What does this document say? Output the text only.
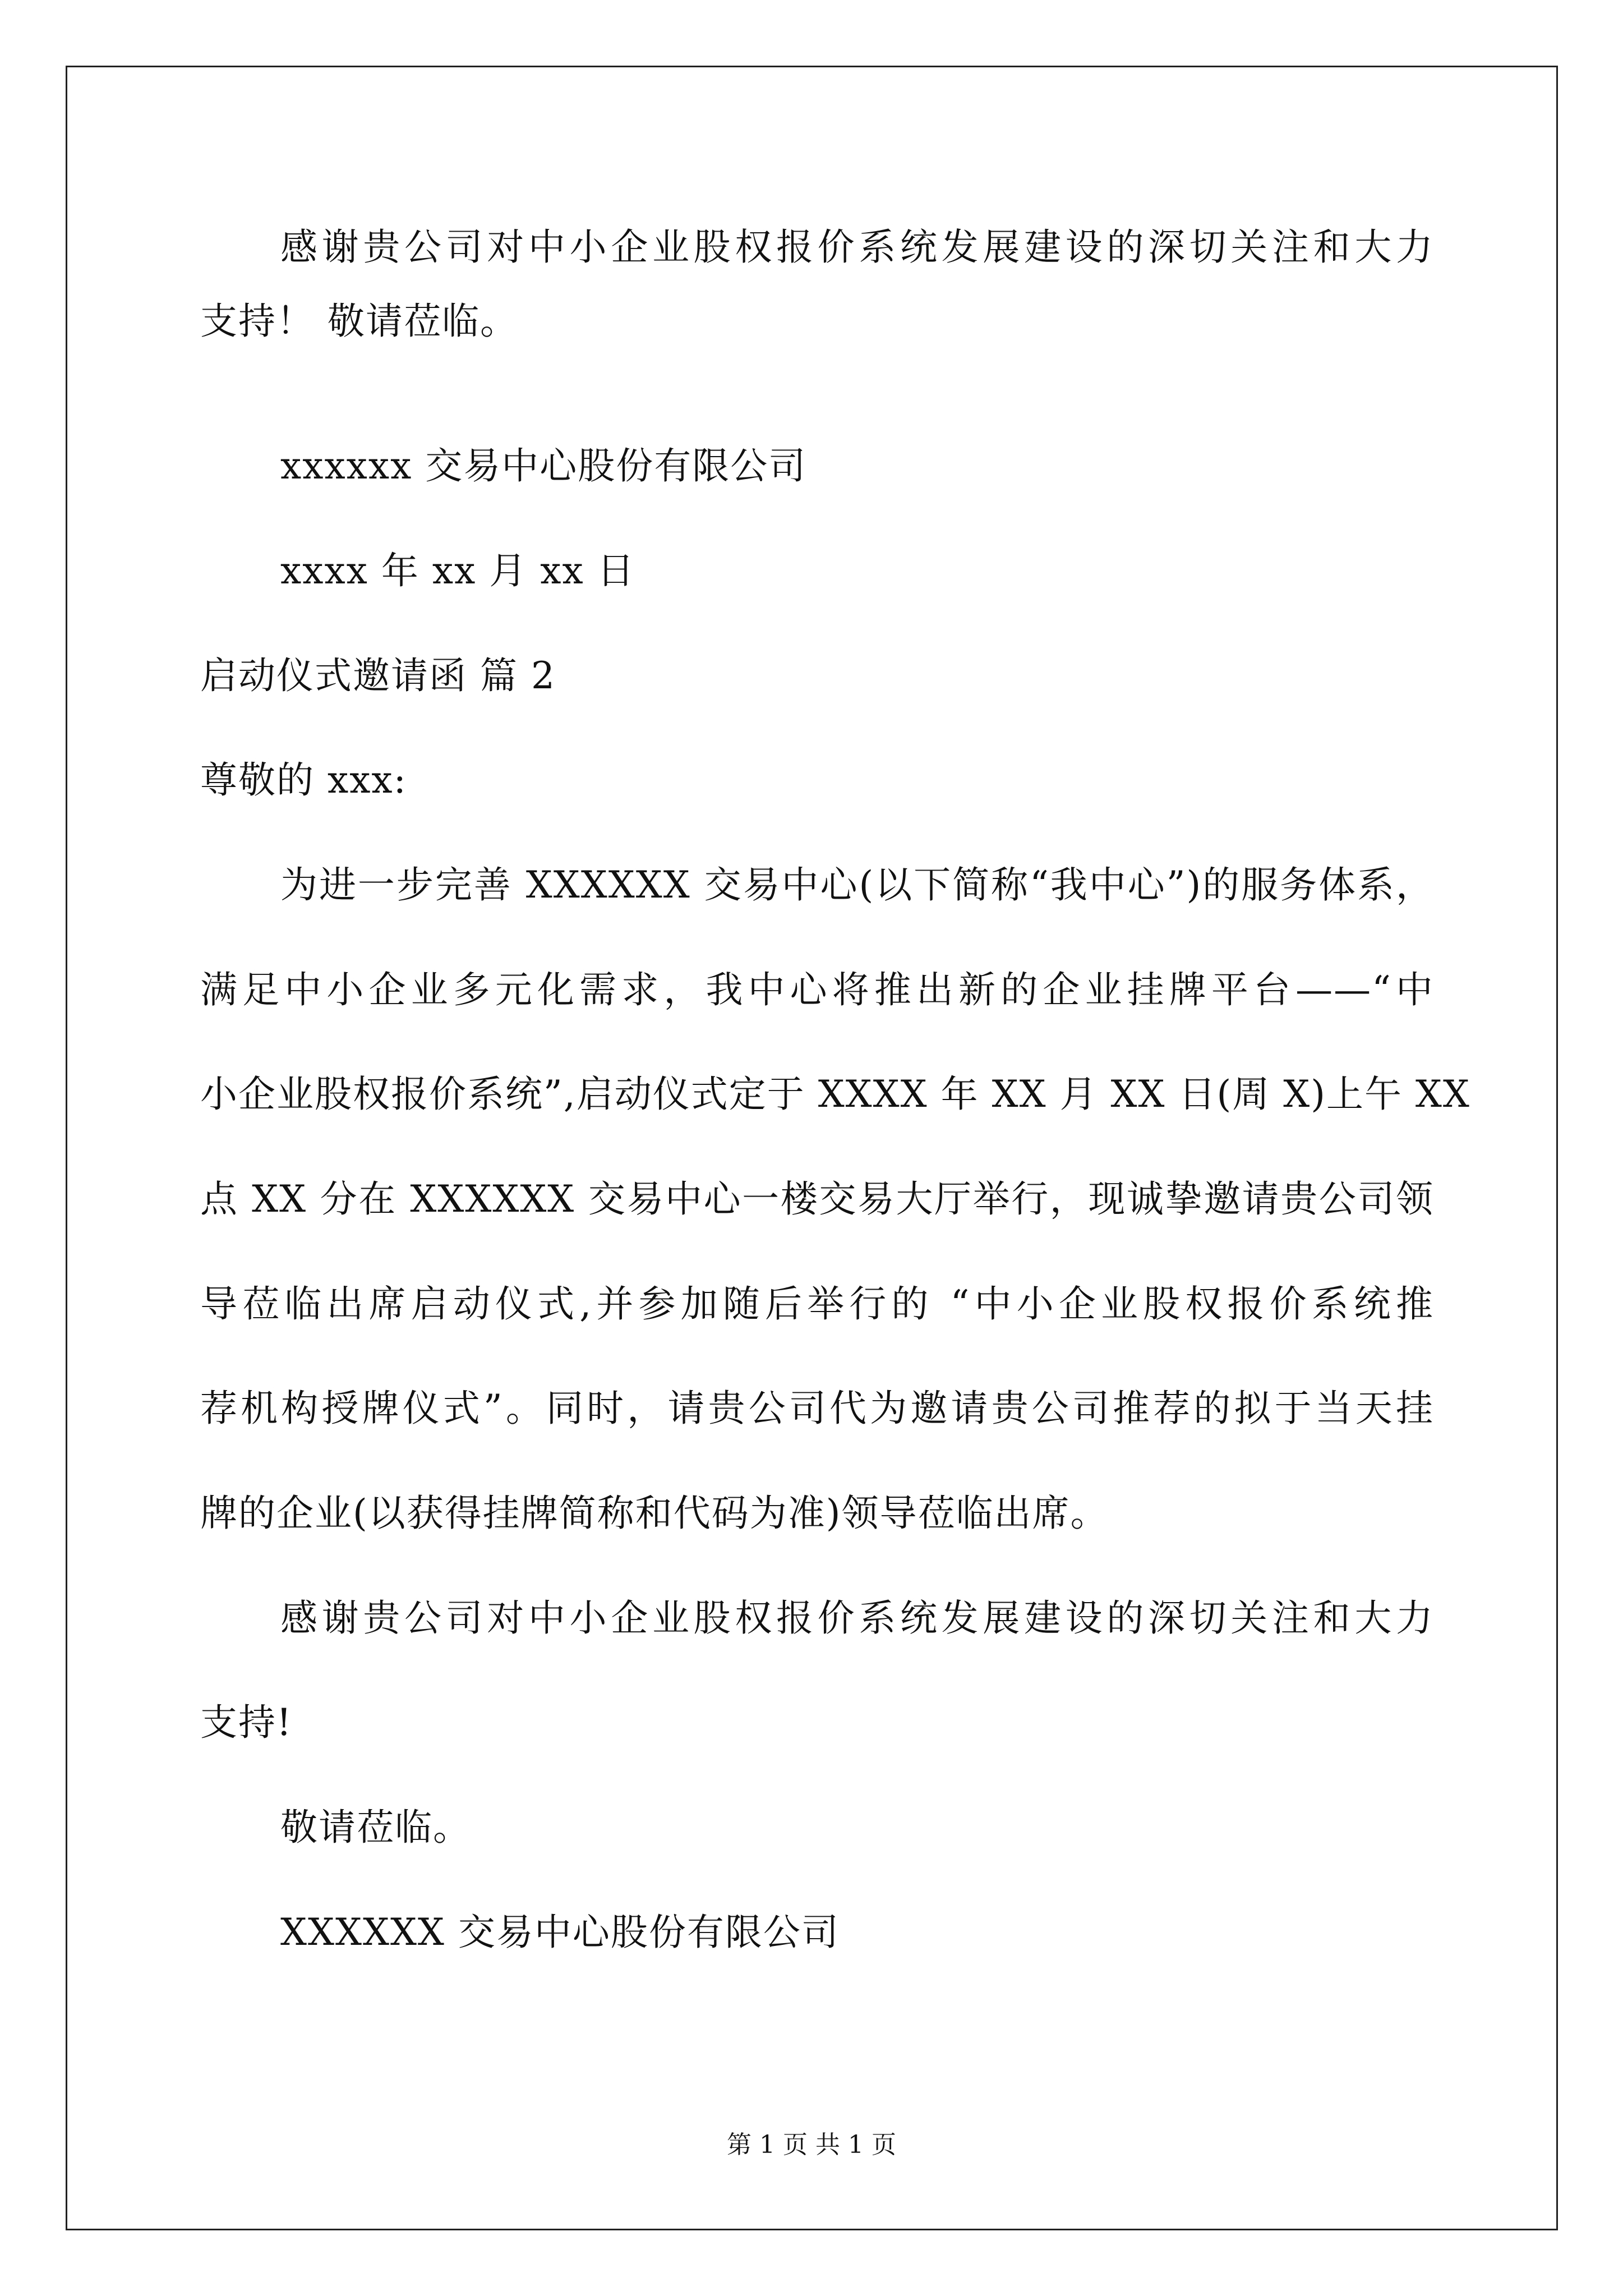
感谢贵公司对中小企业股权报价系统发展建设的深切关注和大力
支持！ 敬请莅临。
xxxxxx 交易中心股份有限公司
xxxx 年 xx 月 xx 日
启动仪式邀请函 篇 2
尊敬的 xxx:
为进一步完善 XXXXXX 交易中心(以下简称“我中心”)的服务体系，
满足中小企业多元化需求，我中心将推出新的企业挂牌平台——“中
小企业股权报价系统”,启动仪式定于 XXXX 年 XX 月 XX 日(周 X)上午 XX
点 XX 分在 XXXXXX 交易中心一楼交易大厅举行，现诚挚邀请贵公司领
导莅临出席启动仪式,并参加随后举行的 “中小企业股权报价系统推
荐机构授牌仪式”。同时，请贵公司代为邀请贵公司推荐的拟于当天挂
牌的企业(以获得挂牌简称和代码为准)领导莅临出席。
感谢贵公司对中小企业股权报价系统发展建设的深切关注和大力
支持!
敬请莅临。
XXXXXX 交易中心股份有限公司
第 1 页 共 1 页
